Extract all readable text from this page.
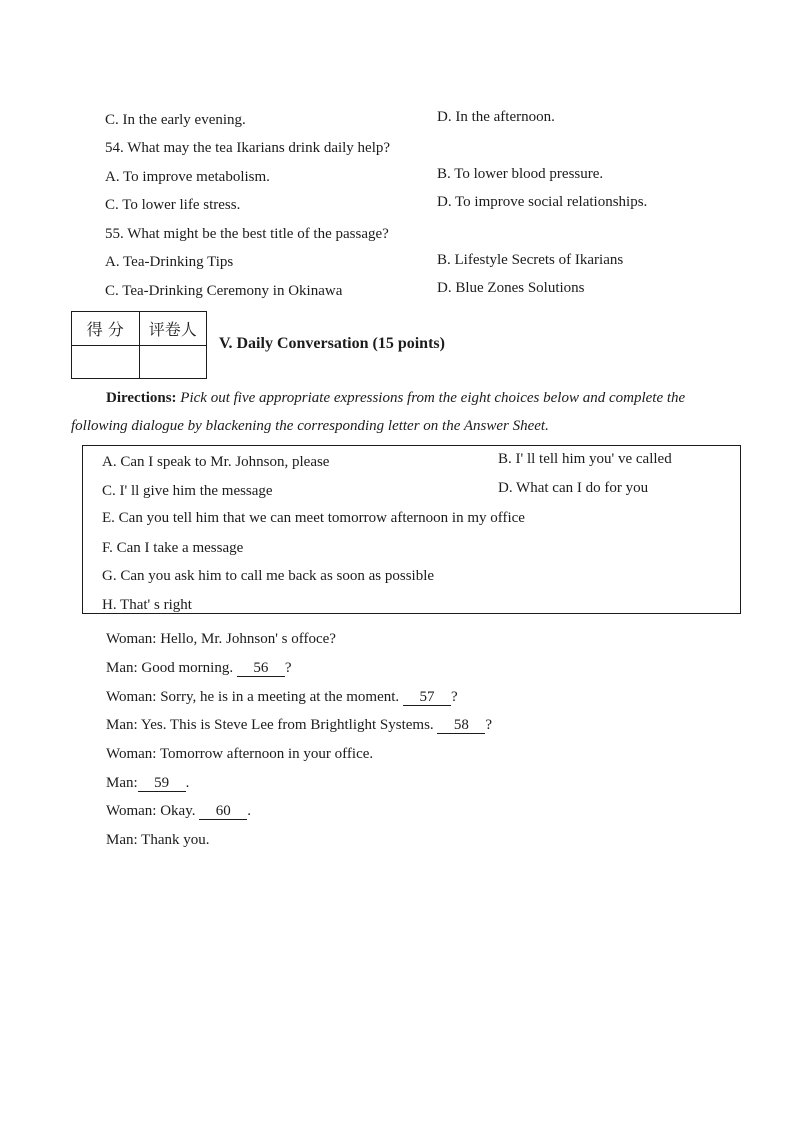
C. In the early evening.	D. In the afternoon.
54. What may the tea Ikarians drink daily help?
A. To improve metabolism.	B. To lower blood pressure.
C. To lower life stress.	D. To improve social relationships.
55. What might be the best title of the passage?
A. Tea-Drinking Tips	B. Lifestyle Secrets of Ikarians
C. Tea-Drinking Ceremony in Okinawa	D. Blue Zones Solutions
得 分	评卷人

V. Daily Conversation (15 points)
Directions: Pick out five appropriate expressions from the eight choices below and complete the
following dialogue by blackening the corresponding letter on the Answer Sheet.
A. Can I speak to Mr. Johnson, please	B. I' ll tell him you' ve called
C. I' ll give him the message	D. What can I do for you
E. Can you tell him that we can meet tomorrow afternoon in my office
F. Can I take a message
G. Can you ask him to call me back as soon as possible
H. That' s right
Woman: Hello, Mr. Johnson' s offoce?
Man: Good morning. 56 ?
Woman: Sorry, he is in a meeting at the moment. 57 ?
Man: Yes. This is Steve Lee from Brightlight Systems. 58 ?
Woman: Tomorrow afternoon in your office.
Man: 59 .
Woman: Okay. 60 .
Man: Thank you.
